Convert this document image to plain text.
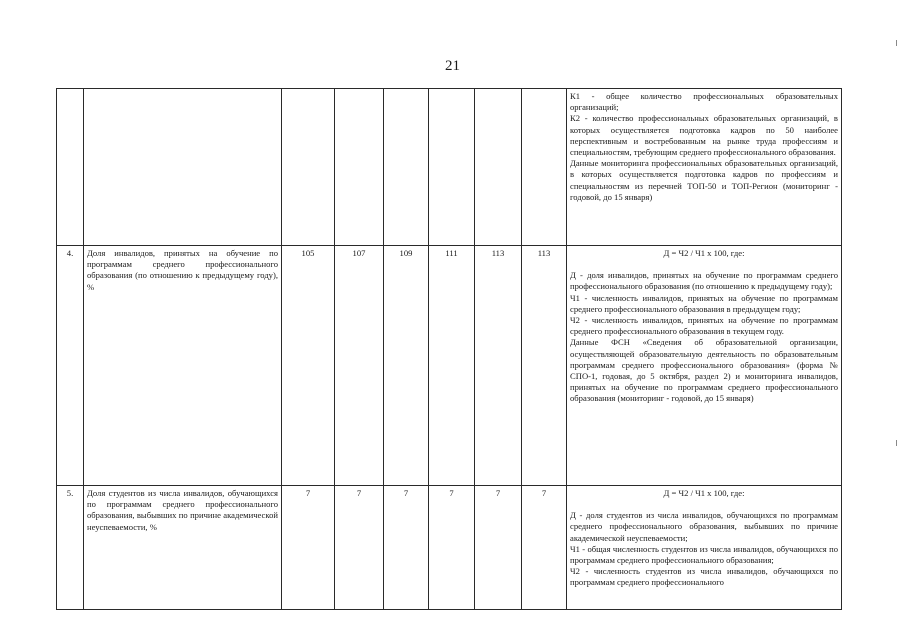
21

								К1 - общее количество профессиональных образовательных организаций;
К2 - количество профессиональных образовательных организаций, в которых осуществляется подготовка кадров по 50 наиболее перспективным и востребованным на рынке труда профессиям и специальностям, требующим среднего профессионального образования.
Данные мониторинга профессиональных образовательных организаций, в которых осуществляется подготовка кадров по профессиям и специальностям из перечней ТОП-50 и ТОП-Регион (мониторинг - годовой, до 15 января)

4.	Доля инвалидов, принятых на обучение по программам среднего профессионального образования (по отношению к предыдущему году), %	105	107	109	111	113	113	Д = Ч2 / Ч1 х 100, где:
Д - доля инвалидов, принятых на обучение по программам среднего профессионального образования (по отношению к предыдущему году);
Ч1 - численность инвалидов, принятых на обучение по программам среднего профессионального образования в предыдущем году;
Ч2 - численность инвалидов, принятых на обучение по программам среднего профессионального образования в текущем году.
Данные ФСН «Сведения об образовательной организации, осуществляющей образовательную деятельность по образовательным программам среднего профессионального образования» (форма № СПО-1, годовая, до 5 октября, раздел 2) и мониторинга инвалидов, принятых на обучение по программам среднего профессионального образования (мониторинг - годовой, до 15 января)

5.	Доля студентов из числа инвалидов, обучающихся по программам среднего профессионального образования, выбывших по причине академической неуспеваемости, %	7	7	7	7	7	7	Д = Ч2 / Ч1 х 100, где:
Д - доля студентов из числа инвалидов, обучающихся по программам среднего профессионального образования, выбывших по причине академической неуспеваемости;
Ч1 - общая численность студентов из числа инвалидов, обучающихся по программам среднего профессионального образования;
Ч2 - численность студентов из числа инвалидов, обучающихся по программам среднего профессионального
